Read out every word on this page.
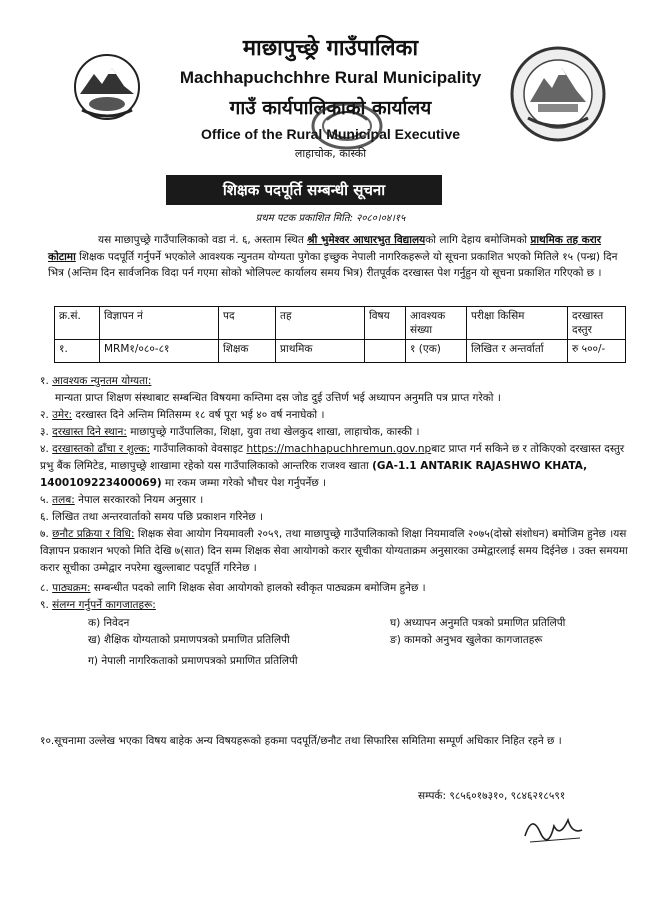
माछापुच्छ्रे गाउँपालिका
Machhapuchchhre Rural Municipality
गाउँ कार्यपालिकाको कार्यालय
Office of the Rural Municipal Executive
लाहाचोक, कास्की
शिक्षक पदपूर्ति सम्बन्धी सूचना
प्रथम पटक प्रकाशित मिति: २०८०।०४।१५
यस माछापुच्छ्रे गाउँपालिकाको वडा नं. ६, अस्ताम स्थित श्री भुमेश्वर आधारभुत विद्यालयको लागि देहाय बमोजिमको प्राथमिक तह करार कोटामा शिक्षक पदपूर्ति गर्नुपर्ने भएकोले आवश्यक न्युनतम योग्यता पुगेका इच्छुक नेपाली नागरिकहरूले यो सूचना प्रकाशित भएको मितिले १५ (पन्ध्र) दिन भित्र (अन्तिम दिन सार्वजनिक विदा पर्न गएमा सोको भोलिपल्ट कार्यालय समय भित्र) रीतपूर्वक दरखास्त पेश गर्नुहुन यो सूचना प्रकाशित गरिएको छ ।
क्र.सं.	विज्ञापन नं	पद	तह	विषय	आवश्यक संख्या	परीक्षा किसिम	दरखास्त दस्तुर
१.	MRM१/०८०-८१	शिक्षक	प्राथमिक		१ (एक)	लिखित र अन्तर्वार्ता	रु ५००/-
१. आवश्यक न्युनतम योग्यता:
मान्यता प्राप्त शिक्षण संस्थाबाट सम्बन्धित विषयमा कम्तिमा दस जोड दुई उत्तिर्ण भई अध्यापन अनुमति पत्र प्राप्त गरेको ।
२. उमेर: दरखास्त दिने अन्तिम मितिसम्म १८ वर्ष पूरा भई ४० वर्ष ननाघेको ।
३. दरखास्त दिने स्थान: माछापुच्छ्रे गाउँपालिका, शिक्षा, युवा तथा खेलकुद शाखा, लाहाचोक, कास्की ।
४. दरखास्तको ढाँचा र शुल्क: गाउँपालिकाको वेवसाइट https://machhapuchhremun.gov.npबाट प्राप्त गर्न सकिने छ र तोकिएको दरखास्त दस्तुर प्रभु बैंक लिमिटेड, माछापुच्छ्रे शाखामा रहेको यस गाउँपालिकाको आन्तरिक राजश्व खाता (GA-1.1 ANTARIK RAJASHWO KHATA, 1400109223400069) मा रकम जम्मा गरेको भौचर पेश गर्नुपर्नेछ ।
५. तलब: नेपाल सरकारको नियम अनुसार ।
६. लिखित तथा अन्तरवार्ताको समय पछि प्रकाशन गरिनेछ ।
७. छनौट प्रक्रिया र विधि: शिक्षक सेवा आयोग नियमावली २०५९, तथा माछापुच्छ्रे गाउँपालिकाको शिक्षा नियमावलि २०७५(दोस्रो संशोधन) बमोजिम हुनेछ ।यस विज्ञापन प्रकाशन भएको मिति देखि ७(सात) दिन सम्म शिक्षक सेवा आयोगको करार सूचीका योग्यताक्रम अनुसारका उम्मेद्वारलाई समय दिईनेछ । उक्त समयमा करार सूचीका उम्मेद्वार नपरेमा खुल्लाबाट पदपूर्ति गरिनेछ ।
८. पाठ्यक्रम: सम्बन्धीत पदको लागि शिक्षक सेवा आयोगको हालको स्वीकृत पाठ्यक्रम बमोजिम हुनेछ ।
९. संलग्न गर्नुपर्ने कागजातहरू:
क) निवेदन
ख) शैक्षिक योग्यताको प्रमाणपत्रको प्रमाणित प्रतिलिपी
ग) नेपाली नागरिकताको प्रमाणपत्रको प्रमाणित प्रतिलिपी
घ) अध्यापन अनुमति पत्रको प्रमाणित प्रतिलिपी
ङ) कामको अनुभव खुलेका कागजातहरू
१०.सूचनामा उल्लेख भएका विषय बाहेक अन्य विषयहरूको हकमा पदपूर्ति/छनौट तथा सिफारिस समितिमा सम्पूर्ण अधिकार निहित रहने छ ।
सम्पर्क: ९८५६०१७३१०, ९८४६२१८५९१
